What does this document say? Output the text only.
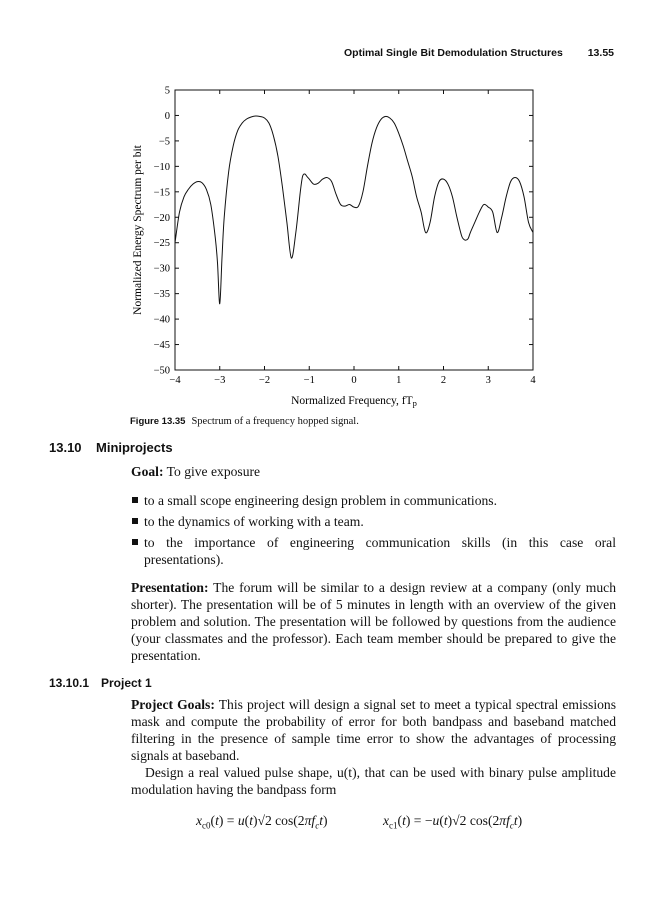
Optimal Single Bit Demodulation Structures 13.55
5
0
−5
−10
−15
−20
−25
−30
−35
−40
−45
−50
−4	−3	−2	−1	0	1	2	3	4
Normalized Frequency, fTp
Normalized Energy Spectrum per bit
Figure 13.35 Spectrum of a frequency hopped signal.
13.10 Miniprojects
Goal: To give exposure
to a small scope engineering design problem in communications.
to the dynamics of working with a team.
to the importance of engineering communication skills (in this case oral presentations).
Presentation: The forum will be similar to a design review at a company (only much shorter). The presentation will be of 5 minutes in length with an overview of the given problem and solution. The presentation will be followed by questions from the audience (your classmates and the professor). Each team member should be prepared to give the presentation.
13.10.1 Project 1
Project Goals: This project will design a signal set to meet a typical spectral emissions mask and compute the probability of error for both bandpass and baseband matched filtering in the presence of sample time error to show the advantages of processing signals at baseband.
Design a real valued pulse shape, u(t), that can be used with binary pulse amplitude modulation having the bandpass form
$x_{c0}(t) = u(t)√2$ $\cos(2\pi f_ct)$	$x_{c1}(t) = -u(t)√2$ $\cos(2\pi f_ct)$
